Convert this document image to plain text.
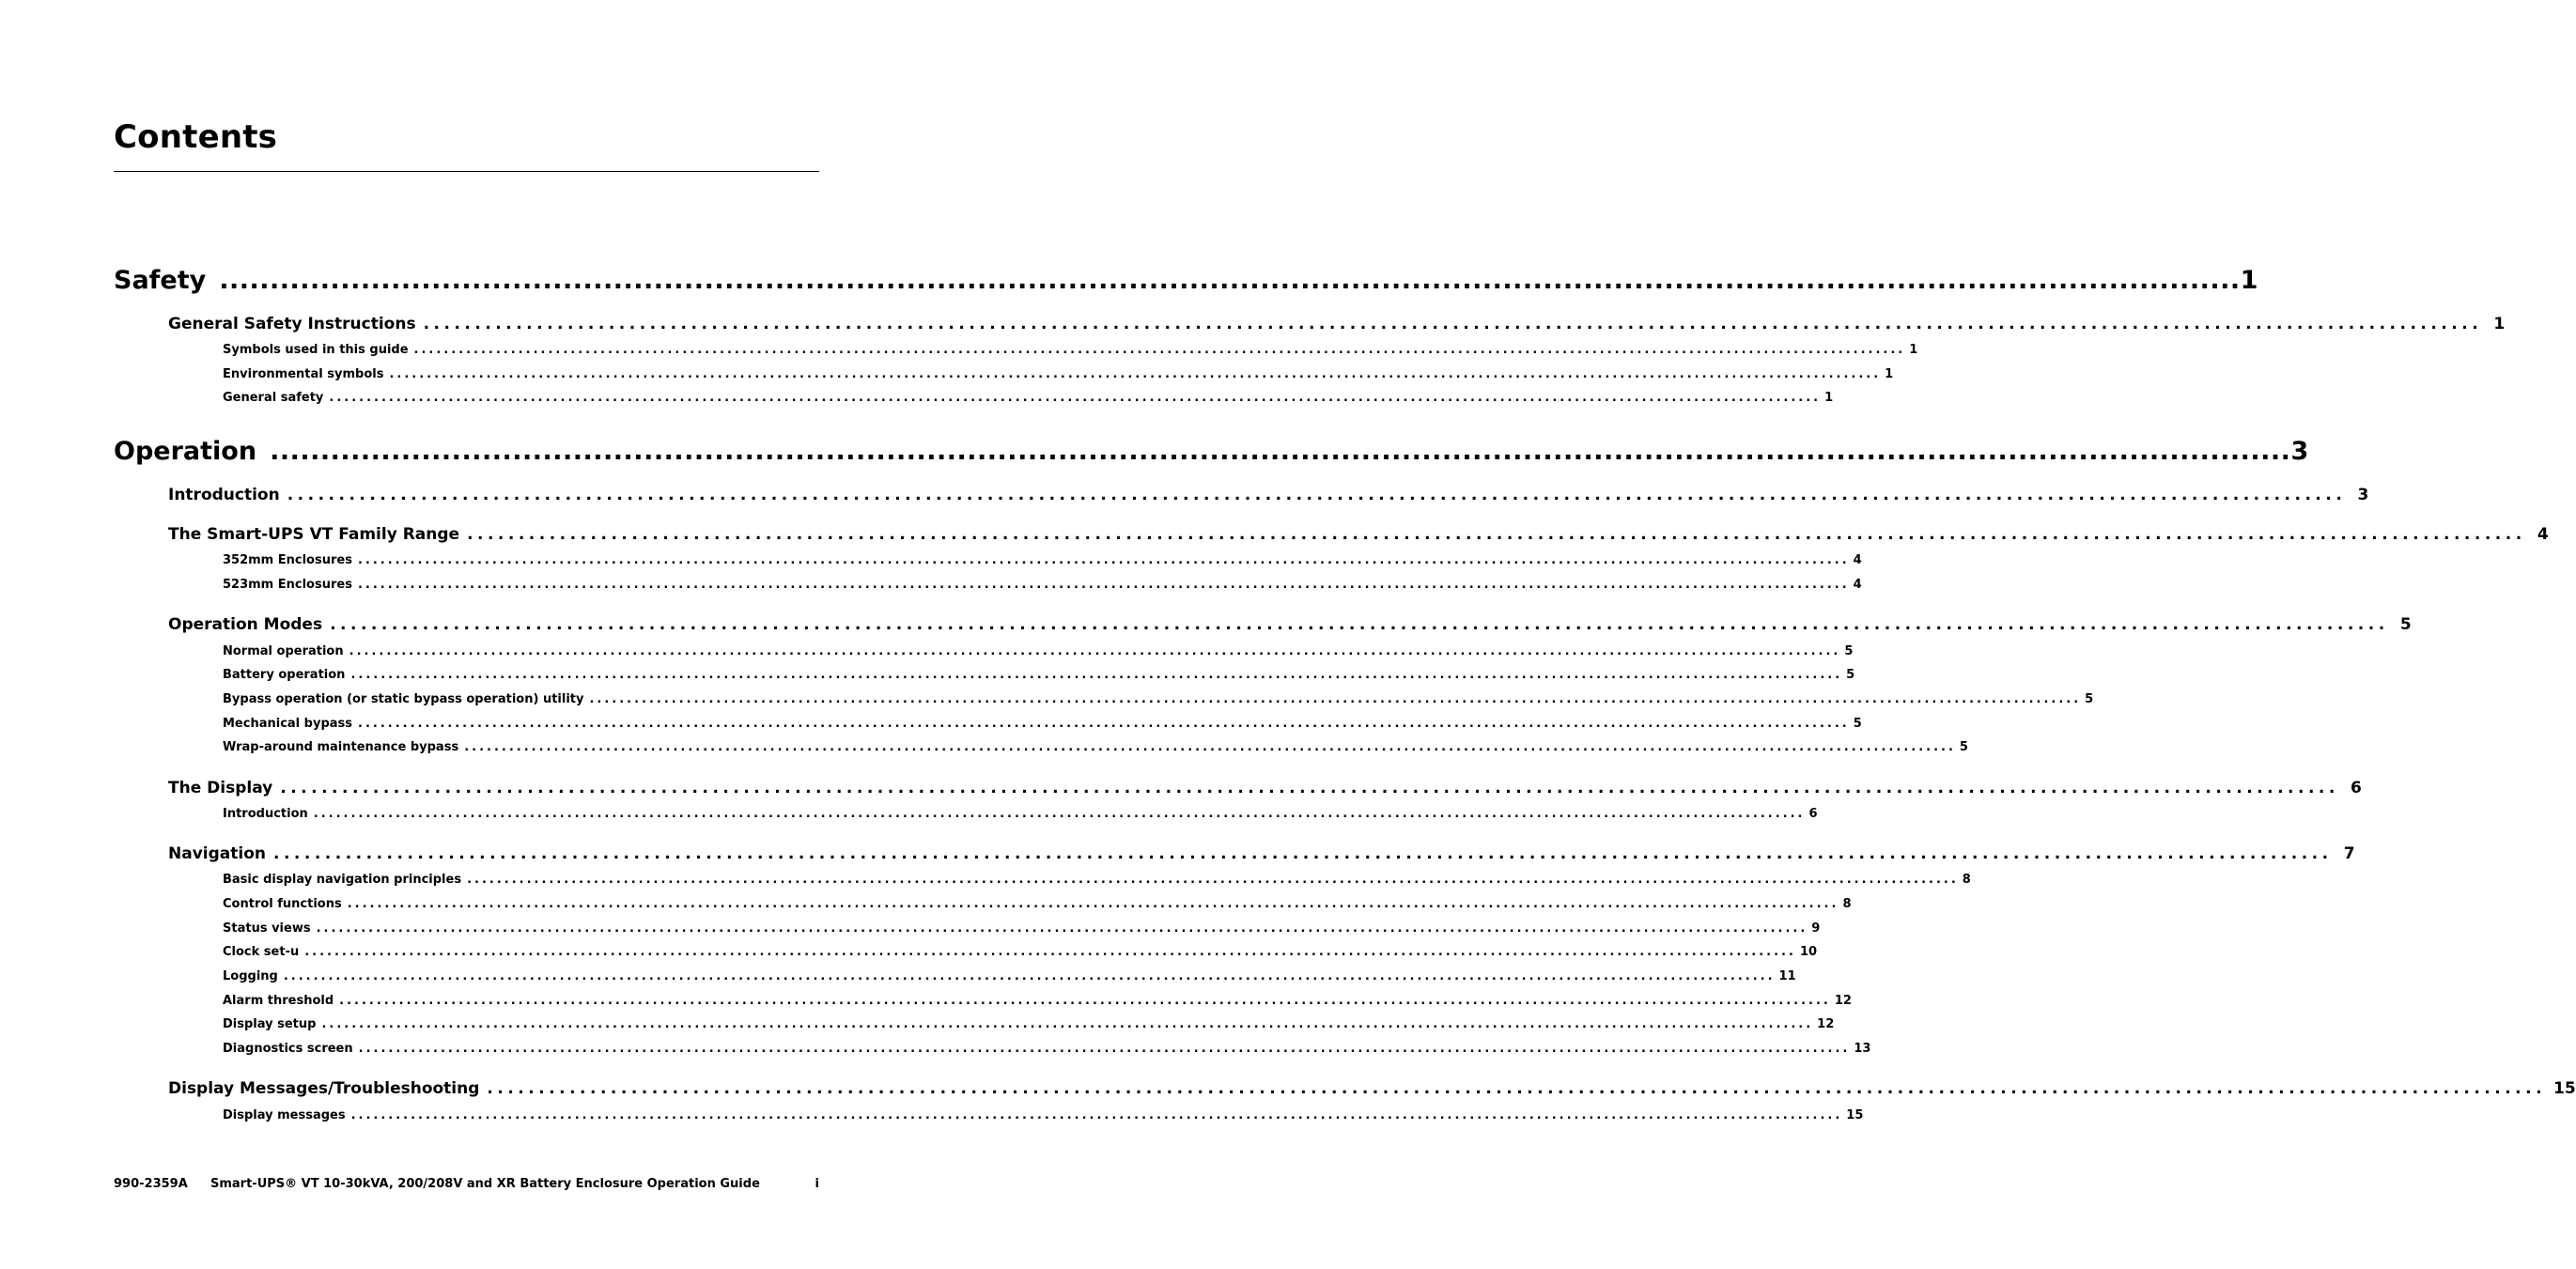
Contents
Safety ........................................................................................................................................................................................................ 1
General Safety Instructions ........................................................................................................................................................................................................ 1
Symbols used in this guide ........................................................................................................................................................................................................ 1
Environmental symbols ........................................................................................................................................................................................................ 1
General safety ........................................................................................................................................................................................................ 1
Operation ........................................................................................................................................................................................................ 3
Introduction ........................................................................................................................................................................................................ 3
The Smart-UPS VT Family Range ........................................................................................................................................................................................................ 4
352mm Enclosures ........................................................................................................................................................................................................ 4
523mm Enclosures ........................................................................................................................................................................................................ 4
Operation Modes ........................................................................................................................................................................................................ 5
Normal operation ........................................................................................................................................................................................................ 5
Battery operation ........................................................................................................................................................................................................ 5
Bypass operation (or static bypass operation) utility ........................................................................................................................................................................................................ 5
Mechanical bypass ........................................................................................................................................................................................................ 5
Wrap-around maintenance bypass ........................................................................................................................................................................................................ 5
The Display ........................................................................................................................................................................................................ 6
Introduction ........................................................................................................................................................................................................ 6
Navigation ........................................................................................................................................................................................................ 7
Basic display navigation principles ........................................................................................................................................................................................................ 8
Control functions ........................................................................................................................................................................................................ 8
Status views ........................................................................................................................................................................................................ 9
Clock set-u ........................................................................................................................................................................................................ 10
Logging ........................................................................................................................................................................................................ 11
Alarm threshold ........................................................................................................................................................................................................ 12
Display setup ........................................................................................................................................................................................................ 12
Diagnostics screen ........................................................................................................................................................................................................ 13
Display Messages/Troubleshooting ........................................................................................................................................................................................................ 15
Display messages ........................................................................................................................................................................................................ 15
990-2359A Smart-UPS® VT 10-30kVA, 200/208V and XR Battery Enclosure Operation Guide	i
